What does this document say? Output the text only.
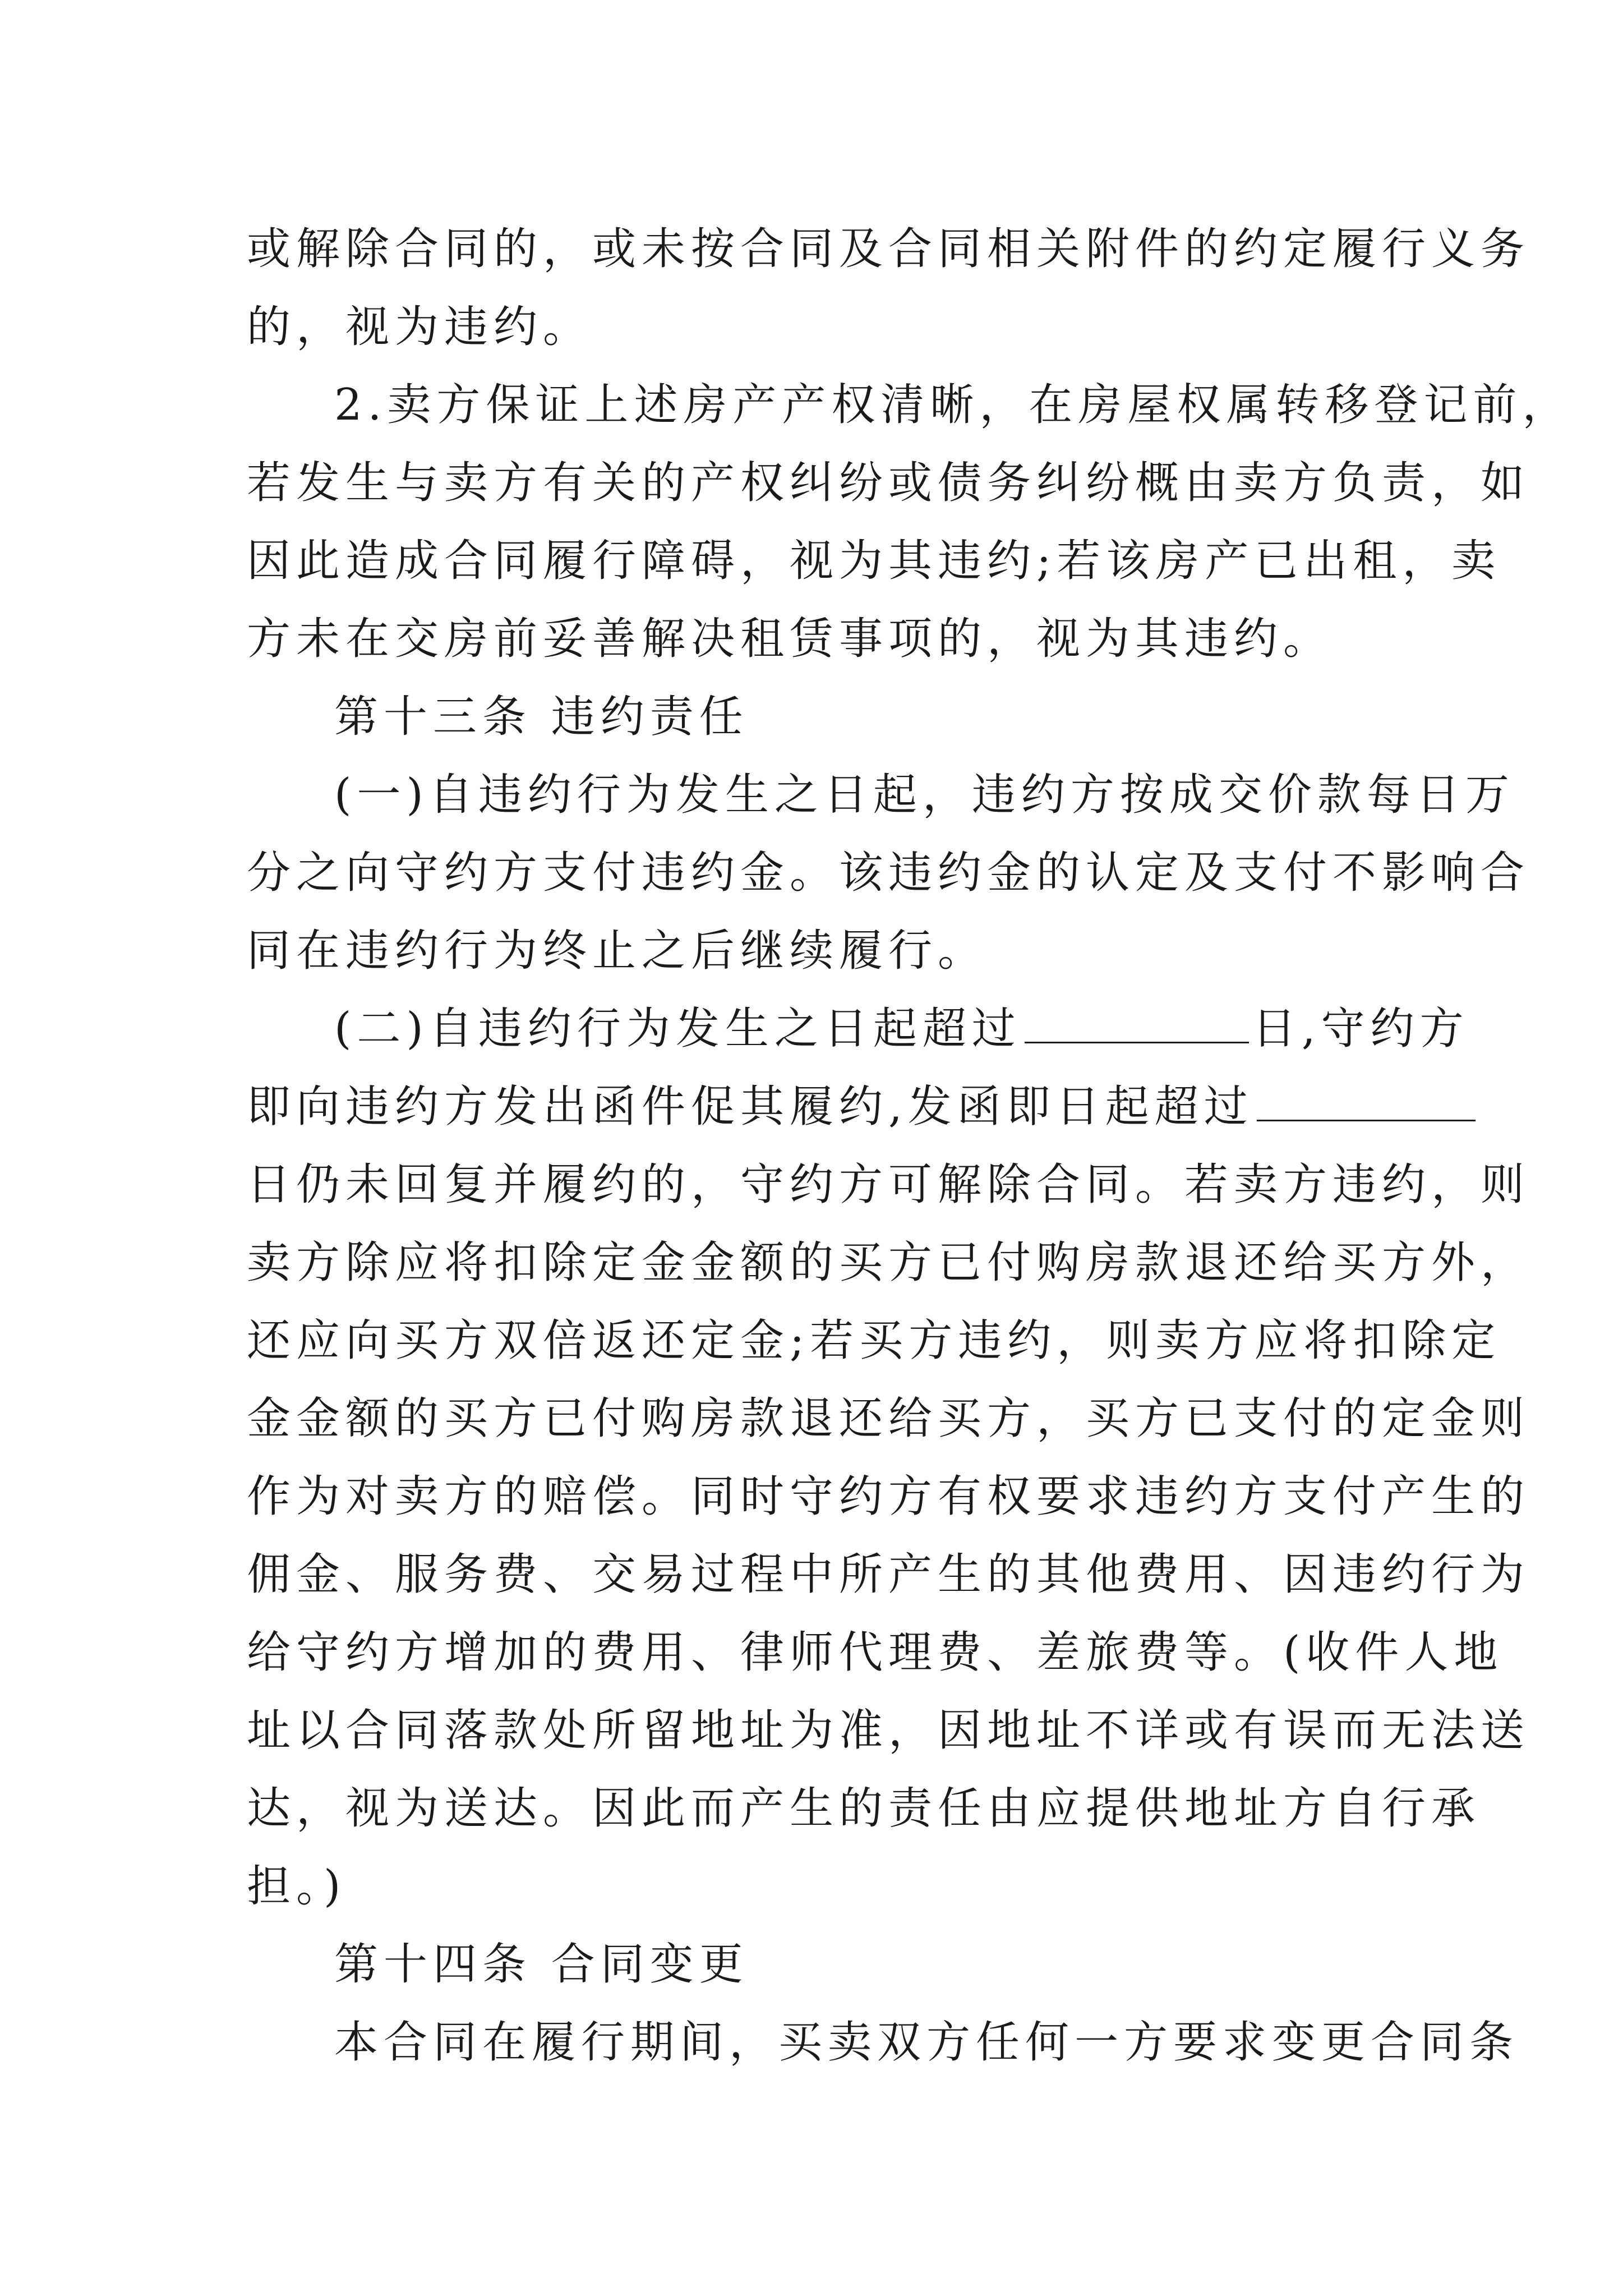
或解除合同的，或未按合同及合同相关附件的约定履行义务
的，视为违约。
2.卖方保证上述房产产权清晰，在房屋权属转移登记前，
若发生与卖方有关的产权纠纷或债务纠纷概由卖方负责，如
因此造成合同履行障碍，视为其违约;若该房产已出租，卖
方未在交房前妥善解决租赁事项的，视为其违约。
第十三条 违约责任
(一)自违约行为发生之日起，违约方按成交价款每日万
分之向守约方支付违约金。该违约金的认定及支付不影响合
同在违约行为终止之后继续履行。
(二)自违约行为发生之日起超过	日,守约方
即向违约方发出函件促其履约,发函即日起超过
日仍未回复并履约的，守约方可解除合同。若卖方违约，则
卖方除应将扣除定金金额的买方已付购房款退还给买方外，
还应向买方双倍返还定金;若买方违约，则卖方应将扣除定
金金额的买方已付购房款退还给买方，买方已支付的定金则
作为对卖方的赔偿。同时守约方有权要求违约方支付产生的
佣金、服务费、交易过程中所产生的其他费用、因违约行为
给守约方增加的费用、律师代理费、差旅费等。(收件人地
址以合同落款处所留地址为准，因地址不详或有误而无法送
达，视为送达。因此而产生的责任由应提供地址方自行承
担。)
第十四条 合同变更
本合同在履行期间，买卖双方任何一方要求变更合同条
